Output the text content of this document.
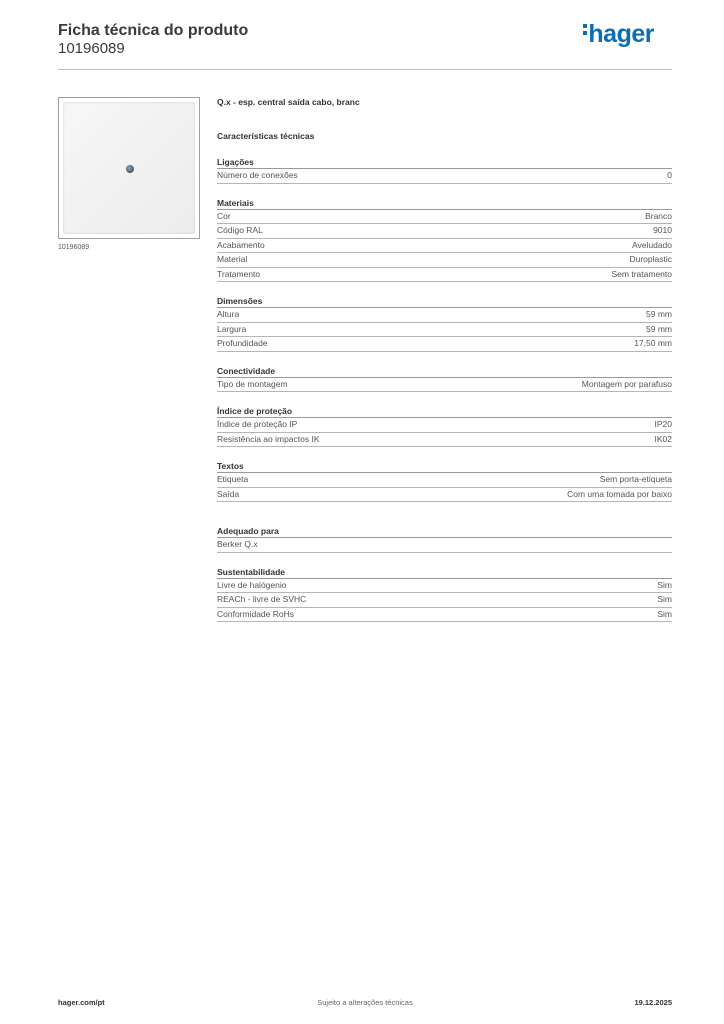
Ficha técnica do produto
10196089
hager
10196089
Q.x - esp. central saída cabo, branc
Características técnicas
Ligações
Número de conexões	0
Materiais
Cor	Branco
Código RAL	9010
Acabamento	Aveludado
Material	Duroplastic
Tratamento	Sem tratamento
Dimensões
Altura	59 mm
Largura	59 mm
Profundidade	17,50 mm
Conectividade
Tipo de montagem	Montagem por parafuso
Índice de proteção
Índice de proteção IP	IP20
Resistência ao impactos IK	IK02
Textos
Etiqueta	Sem porta-etiqueta
Saída	Com uma tomada por baixo
Adequado para
Berker Q.x
Sustentabilidade
Livre de halógenio	Sim
REACh - livre de SVHC	Sim
Conformidade RoHs	Sim
hager.com/pt	Sujeito a alterações técnicas	19.12.2025
